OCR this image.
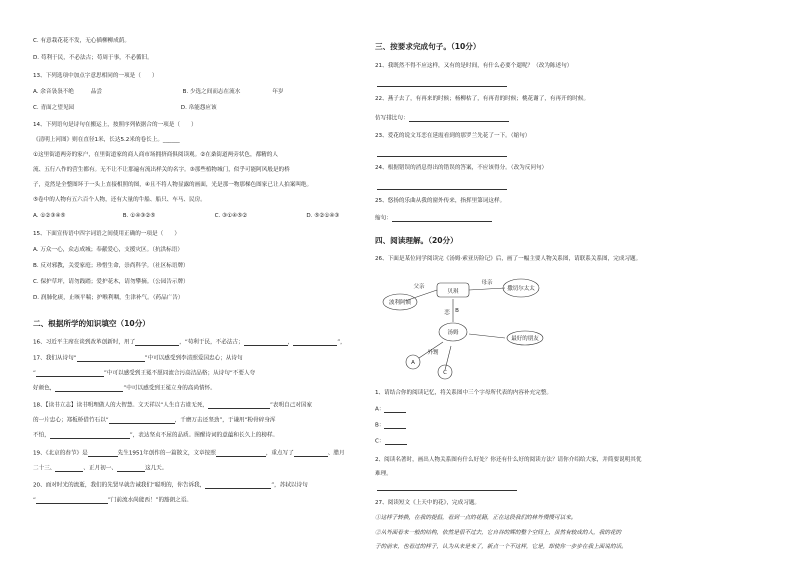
C. 有意栽花花不发，无心插柳柳成荫。
D. 苟利于民，不必法古；苟周于事，不必循旧。
13、下列选项中加点字意思相同的一项是（　　）
A. 余音袅袅不绝	品尝	B. 少选之间而志在流水	年岁
C. 青面之望见园	D. 帛能怨应该
14、下列语句是诗句在搬运上，按照序列依据合的一项是（　　）
《清明上河图》则在直径1米，长达5.2米的卷长上。______
①这里街道两旁的家户，在里街道家的商人商市场拥挤商俱阅读观。②在桑街道两旁状色，都精的人
流、五行八作的营生都有。无不让不让那遍有流出样关的名字。③那些植物城门，似乎可能阿风般是的桥
子，竟然是全整图坏于一头上直接相照的图，④且不将人物显露的画面，光是那一物那梯色图家已让人拍案叫绝。
⑤卷中的人物有五六百个人物，还有大量的牛船、船只、车马、民房。
A. ①②③④⑤	B. ①④③②⑤	C. ③①④⑤②	D. ⑤②①④③
15、下面宣传语中四字词语之间使用正确的一项是（　　）
A. 万众一心，众志成城；奉献爱心，支援灾区。（抗洪标语）
B. 反对邪教，关爱家庭；珍惜生命，崇尚科学。（社区标语牌）
C. 保护草坪，请勿践踏；爱护花木，请勿攀摘。（公园告示牌）
D. 润肺化痰，止咳平喘；护喉利咽，生津补气。（药品广告）
二、根据所学的知识填空（10分）
16、习近平主席在谈到改革创新时，用了	，“苟利于民，不必法古；	，	”，
17、我们从诗句“	”中可以感受到李清照爱国忠心；从诗句
“	”中可以感受到王冕不愿同流合污高洁品格；从诗句“不要人夸
好颜色，	”中可以感受到王冕立身的高尚情怀。
18、【读书立志】读书明理做人的大智慧。文天祥以“人生自古谁无死，	”表明自己对国家
的一片忠心；郑板桥借竹石以“	，千磨万击还坚劲”，于谦用“粉骨碎身浑
不怕，	”，表达坚贞不屈的品质。图醒诗词的意蕴和长久上的榜样。
19、《北京的春节》是	先生1951年创作的一篇散文，文章按照	，重点写了	、腊月
二十三、	、正月初一、	这几天。
20、面对时光的流逝，我们的先贤早就告诫我们“聪明的，你告诉我，	”，苏轼以诗句
“	”门前流水尚能西！”的豁朗之语。
三、按要求完成句子。（10分）
21、我既然不得不应这样，又有的是时间，有什么必要个遛呢？（改为陈述句）
22、燕子去了，有再来的时候；杨柳枯了，有再青的时候；桃花谢了，有再开的时候。
仿写排比句：
23、爱花的说文耳恋在延霞看到的那罗兰先花了一下。（缩句）
24、根据错误的消息得出的错误的答案，不应该得分。（改为反问句）
25、悠扬的乐曲从我的窗外传来，指挥里第词这样。
缩句：
四、阅读理解。（20分）
26、下面是某位同学阅读完《汤姆·索亚历险记》后，画了一幅主要人物关系图，请联系关系图，完成习题。
波利阿姨
贝琪	撒切尔太太
汤姆
最好的朋友
A
B
C
父亲
母亲
恋
外甥
1、请结合你的阅读记忆，将关系图中三个字母所代表的内容补充完整。
A：
B：
C：
2、阅读名著时，画出人物关系图有什么好处？你还有什么好的阅读方法？请你介绍给大家，并简要说明其优
难理。
27、阅读短文《上天中的花》，完成习题。
①这样子转换，在我的提倡，看到一点的花籍，正在这段我们的林外慢慢可以来。
②从外面看来一般的结构，依然是很不过去，它自谷的辉的整个空间上，虽然有较成的人，我的花的
子的前来，也看过的样子，认为从来是来了，新点一个不这样，它是，却使你一步步在我上面说的话。
